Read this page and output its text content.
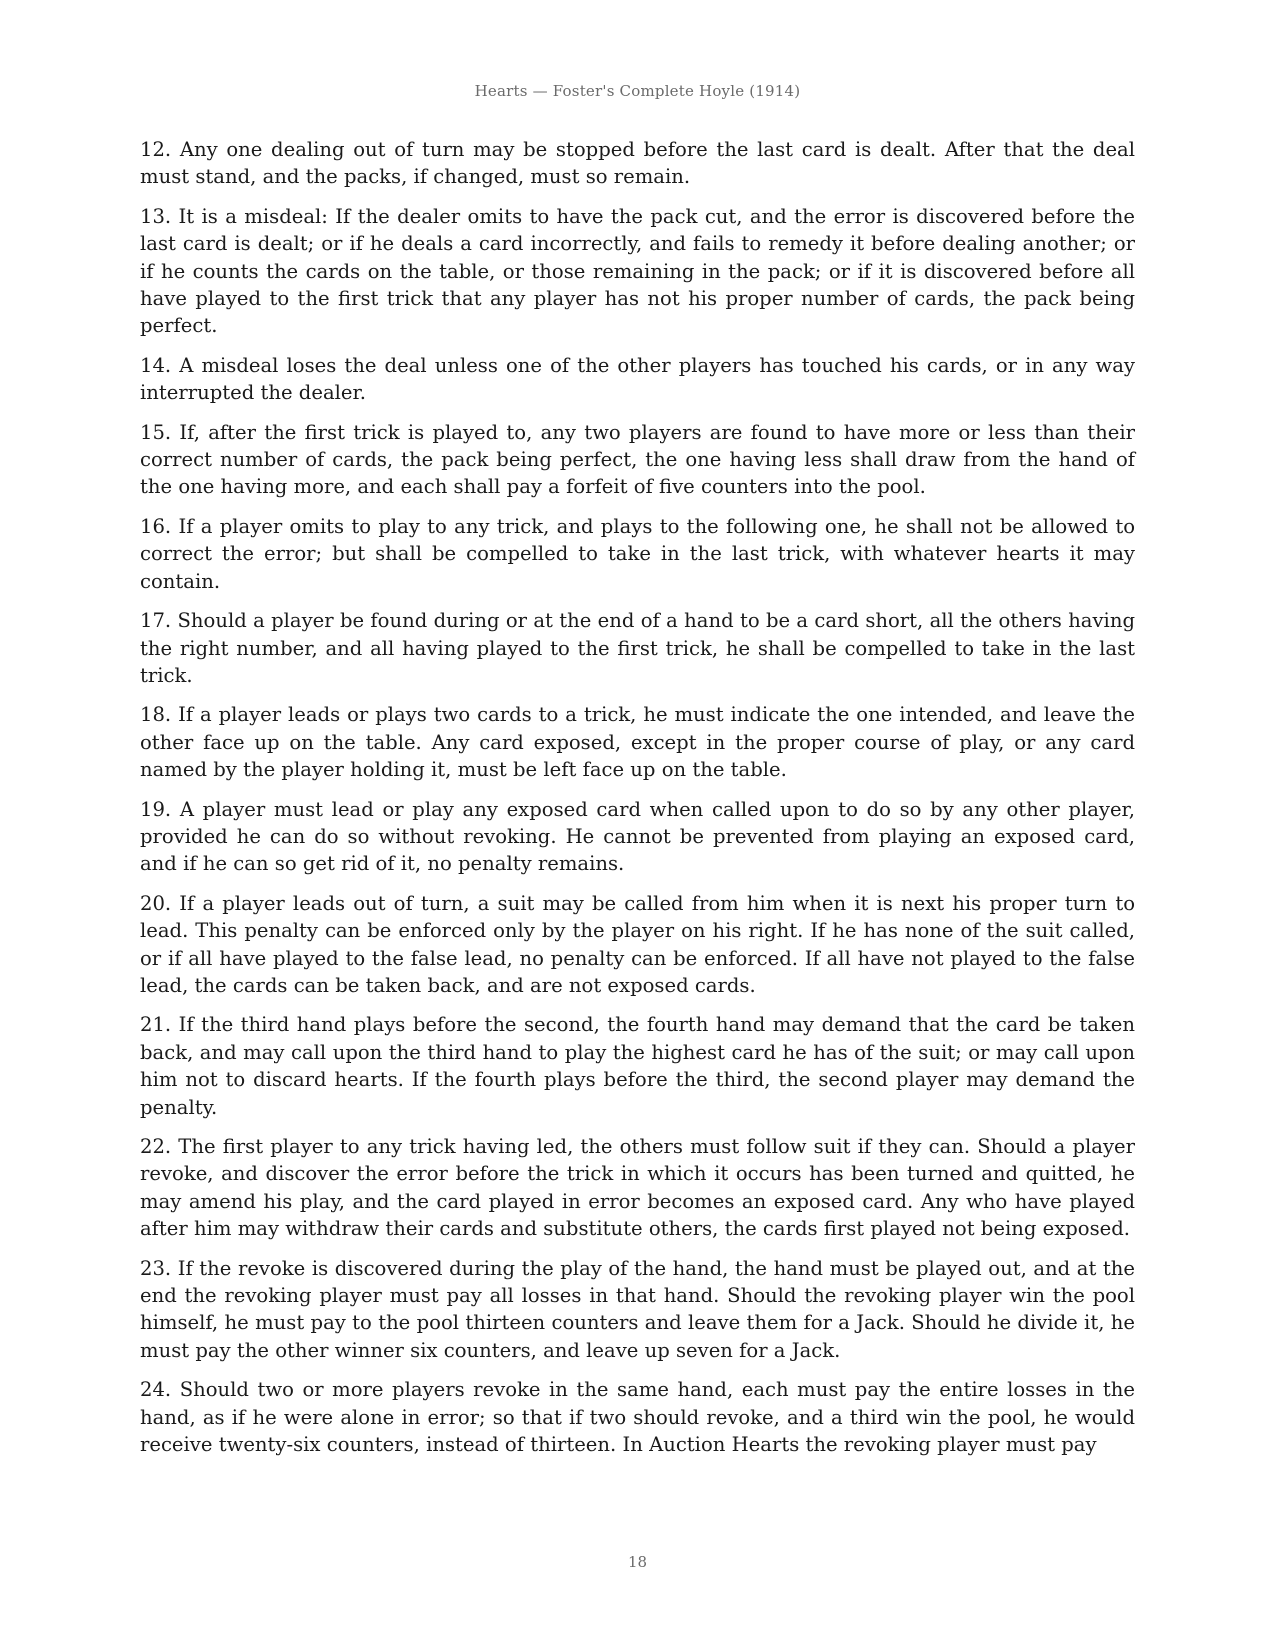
Hearts — Foster's Complete Hoyle (1914)

12. Any one dealing out of turn may be stopped before the last card is dealt. After that the deal must stand, and the packs, if changed, must so remain.

13. It is a misdeal: If the dealer omits to have the pack cut, and the error is discovered before the last card is dealt; or if he deals a card incorrectly, and fails to remedy it before dealing another; or if he counts the cards on the table, or those remaining in the pack; or if it is discovered before all have played to the first trick that any player has not his proper number of cards, the pack being perfect.

14. A misdeal loses the deal unless one of the other players has touched his cards, or in any way interrupted the dealer.

15. If, after the first trick is played to, any two players are found to have more or less than their correct number of cards, the pack being perfect, the one having less shall draw from the hand of the one having more, and each shall pay a forfeit of five counters into the pool.

16. If a player omits to play to any trick, and plays to the following one, he shall not be allowed to correct the error; but shall be compelled to take in the last trick, with whatever hearts it may contain.

17. Should a player be found during or at the end of a hand to be a card short, all the others having the right number, and all having played to the first trick, he shall be compelled to take in the last trick.

18. If a player leads or plays two cards to a trick, he must indicate the one intended, and leave the other face up on the table. Any card exposed, except in the proper course of play, or any card named by the player holding it, must be left face up on the table.

19. A player must lead or play any exposed card when called upon to do so by any other player, provided he can do so without revoking. He cannot be prevented from playing an exposed card, and if he can so get rid of it, no penalty remains.

20. If a player leads out of turn, a suit may be called from him when it is next his proper turn to lead. This penalty can be enforced only by the player on his right. If he has none of the suit called, or if all have played to the false lead, no penalty can be enforced. If all have not played to the false lead, the cards can be taken back, and are not exposed cards.

21. If the third hand plays before the second, the fourth hand may demand that the card be taken back, and may call upon the third hand to play the highest card he has of the suit; or may call upon him not to discard hearts. If the fourth plays before the third, the second player may demand the penalty.

22. The first player to any trick having led, the others must follow suit if they can. Should a player revoke, and discover the error before the trick in which it occurs has been turned and quitted, he may amend his play, and the card played in error becomes an exposed card. Any who have played after him may withdraw their cards and substitute others, the cards first played not being exposed.

23. If the revoke is discovered during the play of the hand, the hand must be played out, and at the end the revoking player must pay all losses in that hand. Should the revoking player win the pool himself, he must pay to the pool thirteen counters and leave them for a Jack. Should he divide it, he must pay the other winner six counters, and leave up seven for a Jack.

24. Should two or more players revoke in the same hand, each must pay the entire losses in the hand, as if he were alone in error; so that if two should revoke, and a third win the pool, he would receive twenty-six counters, instead of thirteen. In Auction Hearts the revoking player must pay

18
